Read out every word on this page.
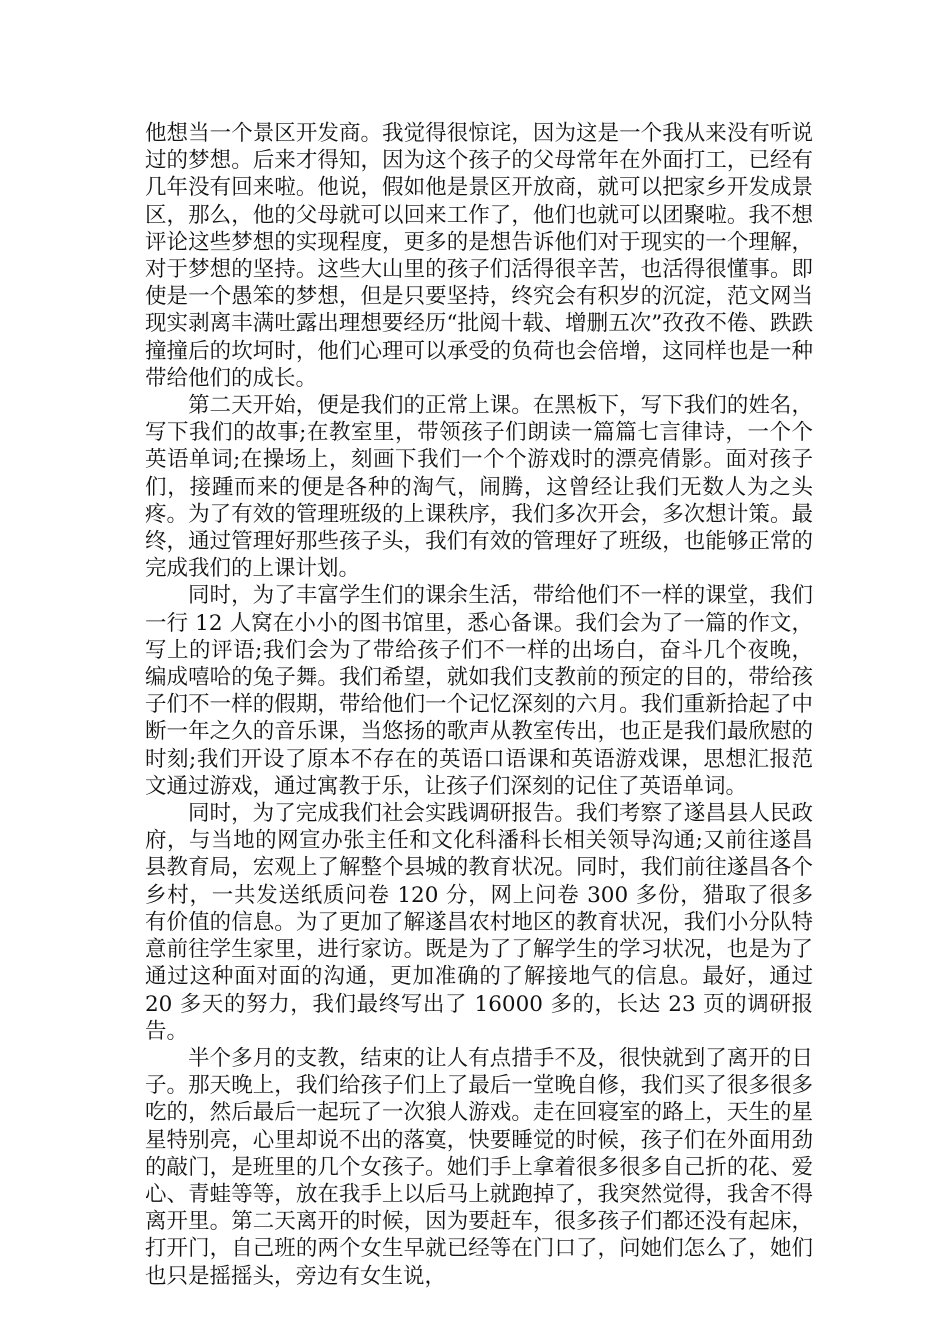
他想当一个景区开发商。我觉得很惊诧，因为这是一个我从来没有听说过的梦想。后来才得知，因为这个孩子的父母常年在外面打工，已经有几年没有回来啦。他说，假如他是景区开放商，就可以把家乡开发成景区，那么，他的父母就可以回来工作了，他们也就可以团聚啦。我不想评论这些梦想的实现程度，更多的是想告诉他们对于现实的一个理解，对于梦想的坚持。这些大山里的孩子们活得很辛苦，也活得很懂事。即使是一个愚笨的梦想，但是只要坚持，终究会有积岁的沉淀，范文网当现实剥离丰满吐露出理想要经历“批阅十载、增删五次”孜孜不倦、跌跌撞撞后的坎坷时，他们心理可以承受的负荷也会倍增，这同样也是一种带给他们的成长。

第二天开始，便是我们的正常上课。在黑板下，写下我们的姓名，写下我们的故事;在教室里，带领孩子们朗读一篇篇七言律诗，一个个英语单词;在操场上，刻画下我们一个个游戏时的漂亮倩影。面对孩子们，接踵而来的便是各种的淘气，闹腾，这曾经让我们无数人为之头疼。为了有效的管理班级的上课秩序，我们多次开会，多次想计策。最终，通过管理好那些孩子头，我们有效的管理好了班级，也能够正常的完成我们的上课计划。

同时，为了丰富学生们的课余生活，带给他们不一样的课堂，我们一行 12 人窝在小小的图书馆里，悉心备课。我们会为了一篇的作文，写上的评语;我们会为了带给孩子们不一样的出场白，奋斗几个夜晚，编成嘻哈的兔子舞。我们希望，就如我们支教前的预定的目的，带给孩子们不一样的假期，带给他们一个记忆深刻的六月。我们重新拾起了中断一年之久的音乐课，当悠扬的歌声从教室传出，也正是我们最欣慰的时刻;我们开设了原本不存在的英语口语课和英语游戏课，思想汇报范文通过游戏，通过寓教于乐，让孩子们深刻的记住了英语单词。

同时，为了完成我们社会实践调研报告。我们考察了遂昌县人民政府，与当地的网宣办张主任和文化科潘科长相关领导沟通;又前往遂昌县教育局，宏观上了解整个县城的教育状况。同时，我们前往遂昌各个乡村，一共发送纸质问卷 120 分，网上问卷 300 多份，猎取了很多有价值的信息。为了更加了解遂昌农村地区的教育状况，我们小分队特意前往学生家里，进行家访。既是为了了解学生的学习状况，也是为了通过这种面对面的沟通，更加准确的了解接地气的信息。最好，通过 20 多天的努力，我们最终写出了 16000 多的，长达 23 页的调研报告。

半个多月的支教，结束的让人有点措手不及，很快就到了离开的日子。那天晚上，我们给孩子们上了最后一堂晚自修，我们买了很多很多吃的，然后最后一起玩了一次狼人游戏。走在回寝室的路上，天生的星星特别亮，心里却说不出的落寞，快要睡觉的时候，孩子们在外面用劲的敲门，是班里的几个女孩子。她们手上拿着很多很多自己折的花、爱心、青蛙等等，放在我手上以后马上就跑掉了，我突然觉得，我舍不得离开里。第二天离开的时候，因为要赶车，很多孩子们都还没有起床，打开门，自己班的两个女生早就已经等在门口了，问她们怎么了，她们也只是摇摇头，旁边有女生说，
